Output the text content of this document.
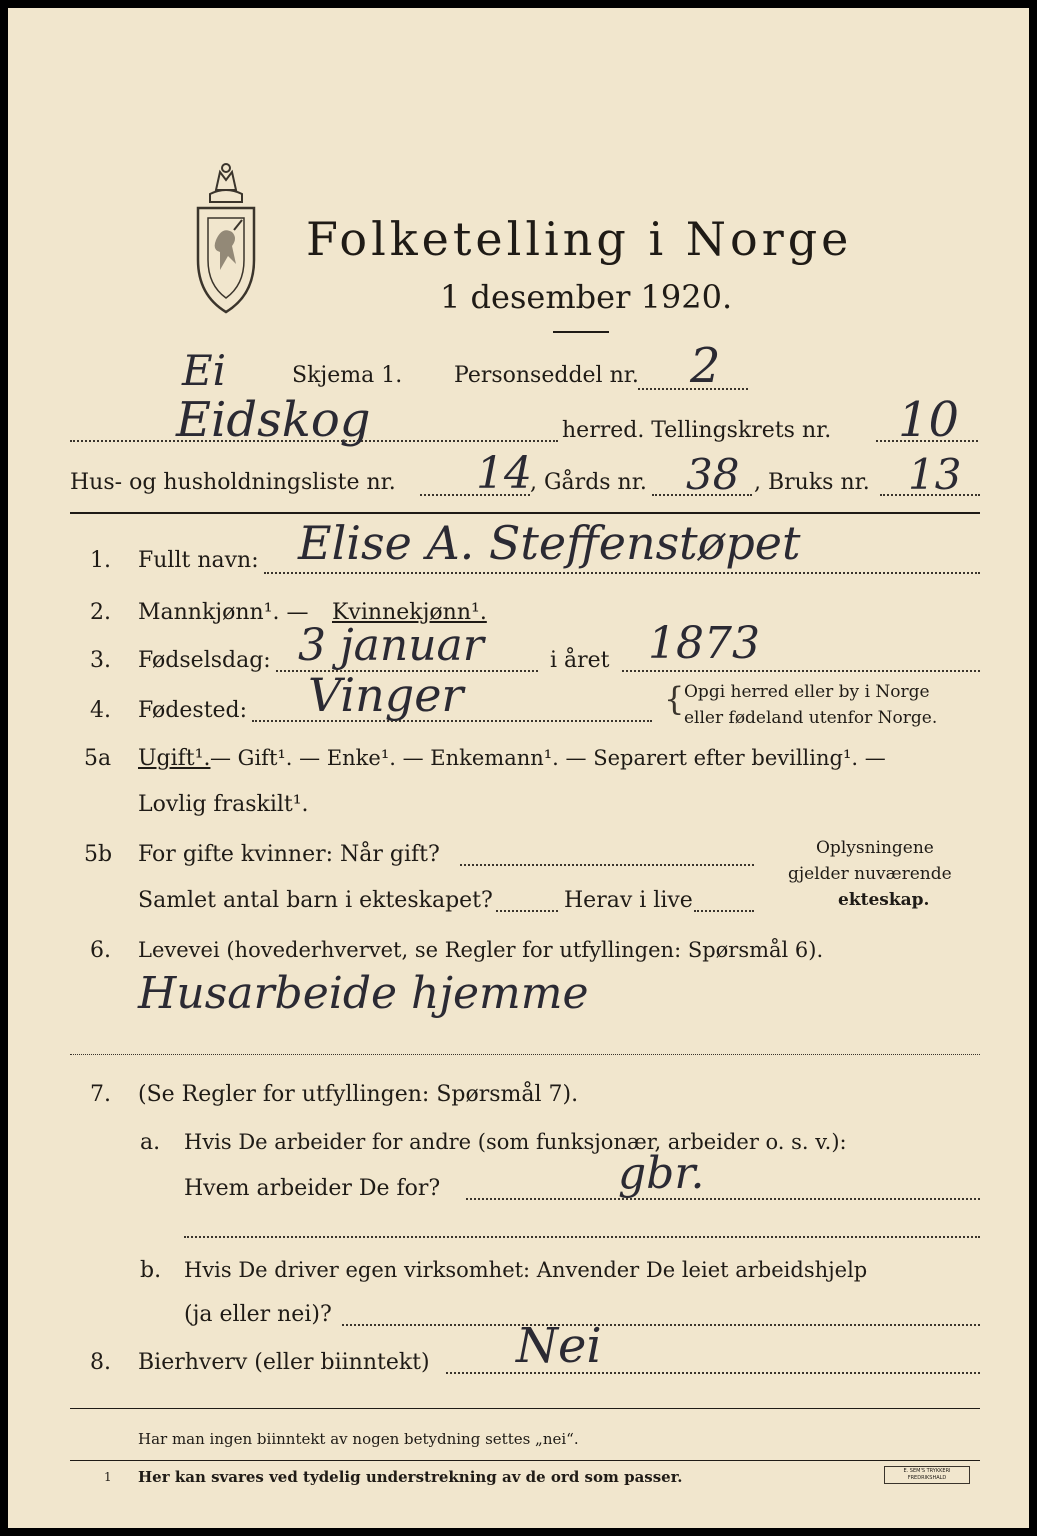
Folketelling i Norge
1 desember 1920.
Ei	Skjema 1. Personseddel nr. 2
Eidskog	herred. Tellingskrets nr. 10
Hus- og husholdningsliste nr. 14
, Gårds nr. 38 , Bruks nr. 13
1. Fullt navn: Elise A. Steffenstøpet
2. Mannkjønn¹. — Kvinnekjønn¹.
3. Fødselsdag: 3 januar	i året 1873
4. Fødested: Vinger	{ Opgi herred eller by i Norge
eller fødeland utenfor Norge.
5a Ugift¹. — Gift¹. — Enke¹. — Enkemann¹. — Separert efter bevilling¹. —
Lovlig fraskilt¹.
5b For gifte kvinner: Når gift?
Samlet antal barn i ekteskapet?	Herav i live
Oplysningene
gjelder nuværende
ekteskap.
6. Levevei (hovederhvervet, se Regler for utfyllingen: Spørsmål 6).
Husarbeide hjemme
7. (Se Regler for utfyllingen: Spørsmål 7).
a. Hvis De arbeider for andre (som funksjonær, arbeider o. s. v.):
Hvem arbeider De for?	gbr.
b. Hvis De driver egen virksomhet: Anvender De leiet arbeidshjelp
(ja eller nei)?
8. Bierhverv (eller biinntekt) Nei
Har man ingen biinntekt av nogen betydning settes „nei“.
1 Her kan svares ved tydelig understrekning av de ord som passer.	E. SEM'S TRYKKERI FREDRIKSHALD
